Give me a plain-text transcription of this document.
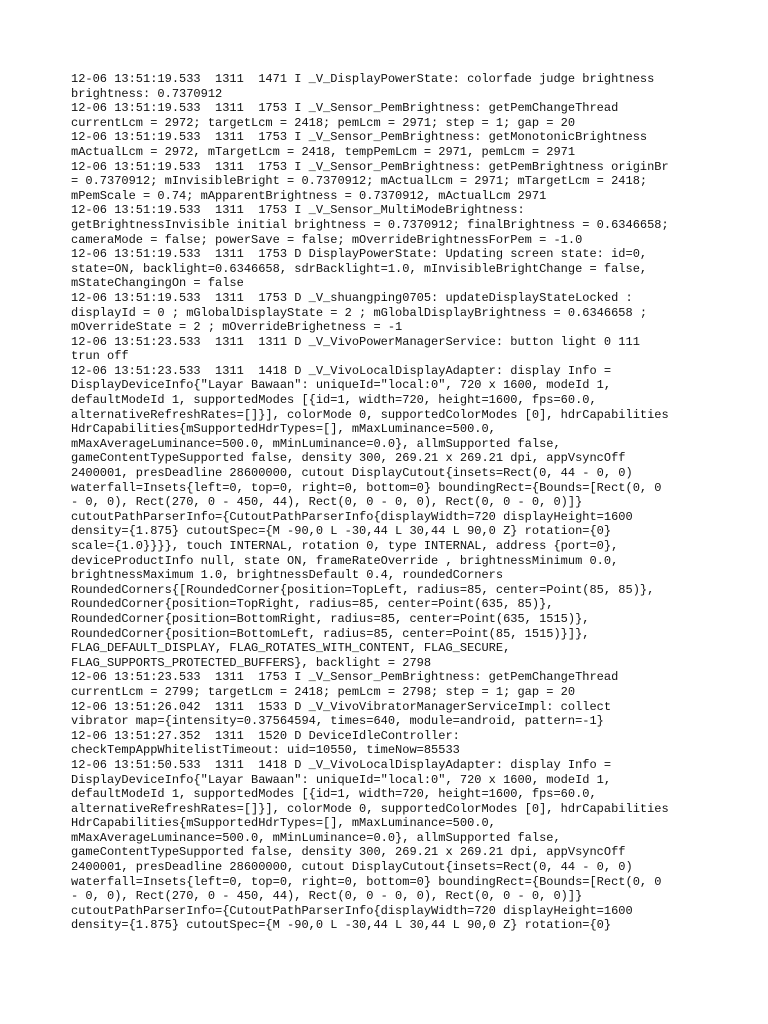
12-06 13:51:19.533  1311  1471 I _V_DisplayPowerState: colorfade judge brightness
brightness: 0.7370912
12-06 13:51:19.533  1311  1753 I _V_Sensor_PemBrightness: getPemChangeThread
currentLcm = 2972; targetLcm = 2418; pemLcm = 2971; step = 1; gap = 20
12-06 13:51:19.533  1311  1753 I _V_Sensor_PemBrightness: getMonotonicBrightness
mActualLcm = 2972, mTargetLcm = 2418, tempPemLcm = 2971, pemLcm = 2971
12-06 13:51:19.533  1311  1753 I _V_Sensor_PemBrightness: getPemBrightness originBr
= 0.7370912; mInvisibleBright = 0.7370912; mActualLcm = 2971; mTargetLcm = 2418;
mPemScale = 0.74; mApparentBrightness = 0.7370912, mActualLcm 2971
12-06 13:51:19.533  1311  1753 I _V_Sensor_MultiModeBrightness:
getBrightnessInvisible initial brightness = 0.7370912; finalBrightness = 0.6346658;
cameraMode = false; powerSave = false; mOverrideBrightnessForPem = -1.0
12-06 13:51:19.533  1311  1753 D DisplayPowerState: Updating screen state: id=0,
state=ON, backlight=0.6346658, sdrBacklight=1.0, mInvisibleBrightChange = false,
mStateChangingOn = false
12-06 13:51:19.533  1311  1753 D _V_shuangping0705: updateDisplayStateLocked :
displayId = 0 ; mGlobalDisplayState = 2 ; mGlobalDisplayBrightness = 0.6346658 ;
mOverrideState = 2 ; mOverrideBrighetness = -1
12-06 13:51:23.533  1311  1311 D _V_VivoPowerManagerService: button light 0 111
trun off
12-06 13:51:23.533  1311  1418 D _V_VivoLocalDisplayAdapter: display Info =
DisplayDeviceInfo{"Layar Bawaan": uniqueId="local:0", 720 x 1600, modeId 1,
defaultModeId 1, supportedModes [{id=1, width=720, height=1600, fps=60.0,
alternativeRefreshRates=[]}], colorMode 0, supportedColorModes [0], hdrCapabilities
HdrCapabilities{mSupportedHdrTypes=[], mMaxLuminance=500.0,
mMaxAverageLuminance=500.0, mMinLuminance=0.0}, allmSupported false,
gameContentTypeSupported false, density 300, 269.21 x 269.21 dpi, appVsyncOff
2400001, presDeadline 28600000, cutout DisplayCutout{insets=Rect(0, 44 - 0, 0)
waterfall=Insets{left=0, top=0, right=0, bottom=0} boundingRect={Bounds=[Rect(0, 0
- 0, 0), Rect(270, 0 - 450, 44), Rect(0, 0 - 0, 0), Rect(0, 0 - 0, 0)]}
cutoutPathParserInfo={CutoutPathParserInfo{displayWidth=720 displayHeight=1600
density={1.875} cutoutSpec={M -90,0 L -30,44 L 30,44 L 90,0 Z} rotation={0}
scale={1.0}}}}, touch INTERNAL, rotation 0, type INTERNAL, address {port=0},
deviceProductInfo null, state ON, frameRateOverride , brightnessMinimum 0.0,
brightnessMaximum 1.0, brightnessDefault 0.4, roundedCorners
RoundedCorners{[RoundedCorner{position=TopLeft, radius=85, center=Point(85, 85)},
RoundedCorner{position=TopRight, radius=85, center=Point(635, 85)},
RoundedCorner{position=BottomRight, radius=85, center=Point(635, 1515)},
RoundedCorner{position=BottomLeft, radius=85, center=Point(85, 1515)}]},
FLAG_DEFAULT_DISPLAY, FLAG_ROTATES_WITH_CONTENT, FLAG_SECURE,
FLAG_SUPPORTS_PROTECTED_BUFFERS}, backlight = 2798
12-06 13:51:23.533  1311  1753 I _V_Sensor_PemBrightness: getPemChangeThread
currentLcm = 2799; targetLcm = 2418; pemLcm = 2798; step = 1; gap = 20
12-06 13:51:26.042  1311  1533 D _V_VivoVibratorManagerServiceImpl: collect
vibrator map={intensity=0.37564594, times=640, module=android, pattern=-1}
12-06 13:51:27.352  1311  1520 D DeviceIdleController:
checkTempAppWhitelistTimeout: uid=10550, timeNow=85533
12-06 13:51:50.533  1311  1418 D _V_VivoLocalDisplayAdapter: display Info =
DisplayDeviceInfo{"Layar Bawaan": uniqueId="local:0", 720 x 1600, modeId 1,
defaultModeId 1, supportedModes [{id=1, width=720, height=1600, fps=60.0,
alternativeRefreshRates=[]}], colorMode 0, supportedColorModes [0], hdrCapabilities
HdrCapabilities{mSupportedHdrTypes=[], mMaxLuminance=500.0,
mMaxAverageLuminance=500.0, mMinLuminance=0.0}, allmSupported false,
gameContentTypeSupported false, density 300, 269.21 x 269.21 dpi, appVsyncOff
2400001, presDeadline 28600000, cutout DisplayCutout{insets=Rect(0, 44 - 0, 0)
waterfall=Insets{left=0, top=0, right=0, bottom=0} boundingRect={Bounds=[Rect(0, 0
- 0, 0), Rect(270, 0 - 450, 44), Rect(0, 0 - 0, 0), Rect(0, 0 - 0, 0)]}
cutoutPathParserInfo={CutoutPathParserInfo{displayWidth=720 displayHeight=1600
density={1.875} cutoutSpec={M -90,0 L -30,44 L 30,44 L 90,0 Z} rotation={0}
